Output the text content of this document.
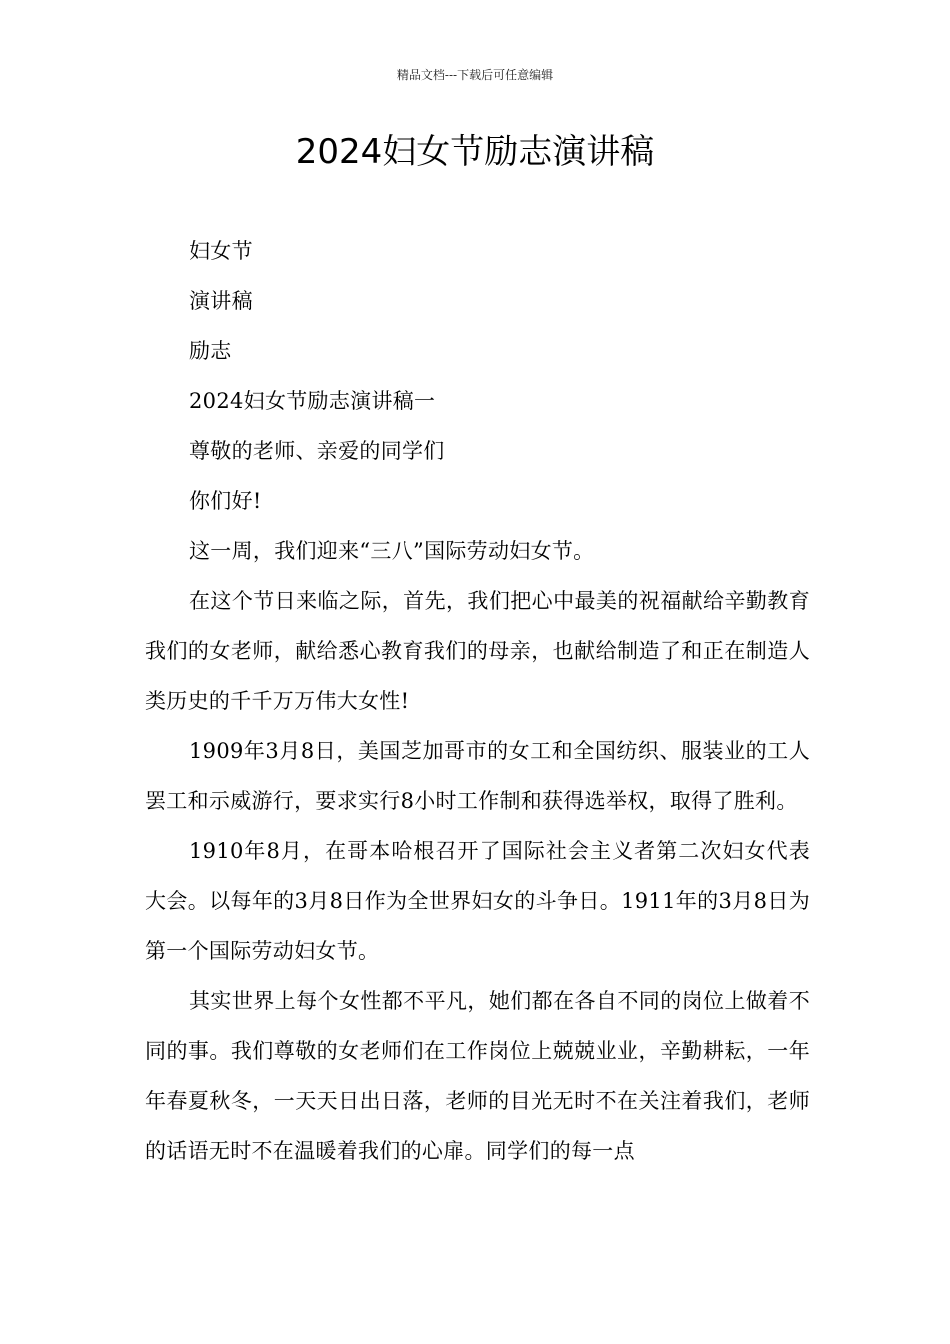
精品文档---下载后可任意编辑
2024妇女节励志演讲稿

妇女节

演讲稿

励志

2024妇女节励志演讲稿一

尊敬的老师、亲爱的同学们

你们好!

这一周，我们迎来“三八”国际劳动妇女节。

在这个节日来临之际，首先，我们把心中最美的祝福献给辛勤教育我们的女老师，献给悉心教育我们的母亲，也献给制造了和正在制造人类历史的千千万万伟大女性!

1909年3月8日，美国芝加哥市的女工和全国纺织、服装业的工人罢工和示威游行，要求实行8小时工作制和获得选举权，取得了胜利。

1910年8月，在哥本哈根召开了国际社会主义者第二次妇女代表大会。以每年的3月8日作为全世界妇女的斗争日。1911年的3月8日为第一个国际劳动妇女节。

其实世界上每个女性都不平凡，她们都在各自不同的岗位上做着不同的事。我们尊敬的女老师们在工作岗位上兢兢业业，辛勤耕耘，一年年春夏秋冬，一天天日出日落，老师的目光无时不在关注着我们，老师的话语无时不在温暖着我们的心扉。同学们的每一点
